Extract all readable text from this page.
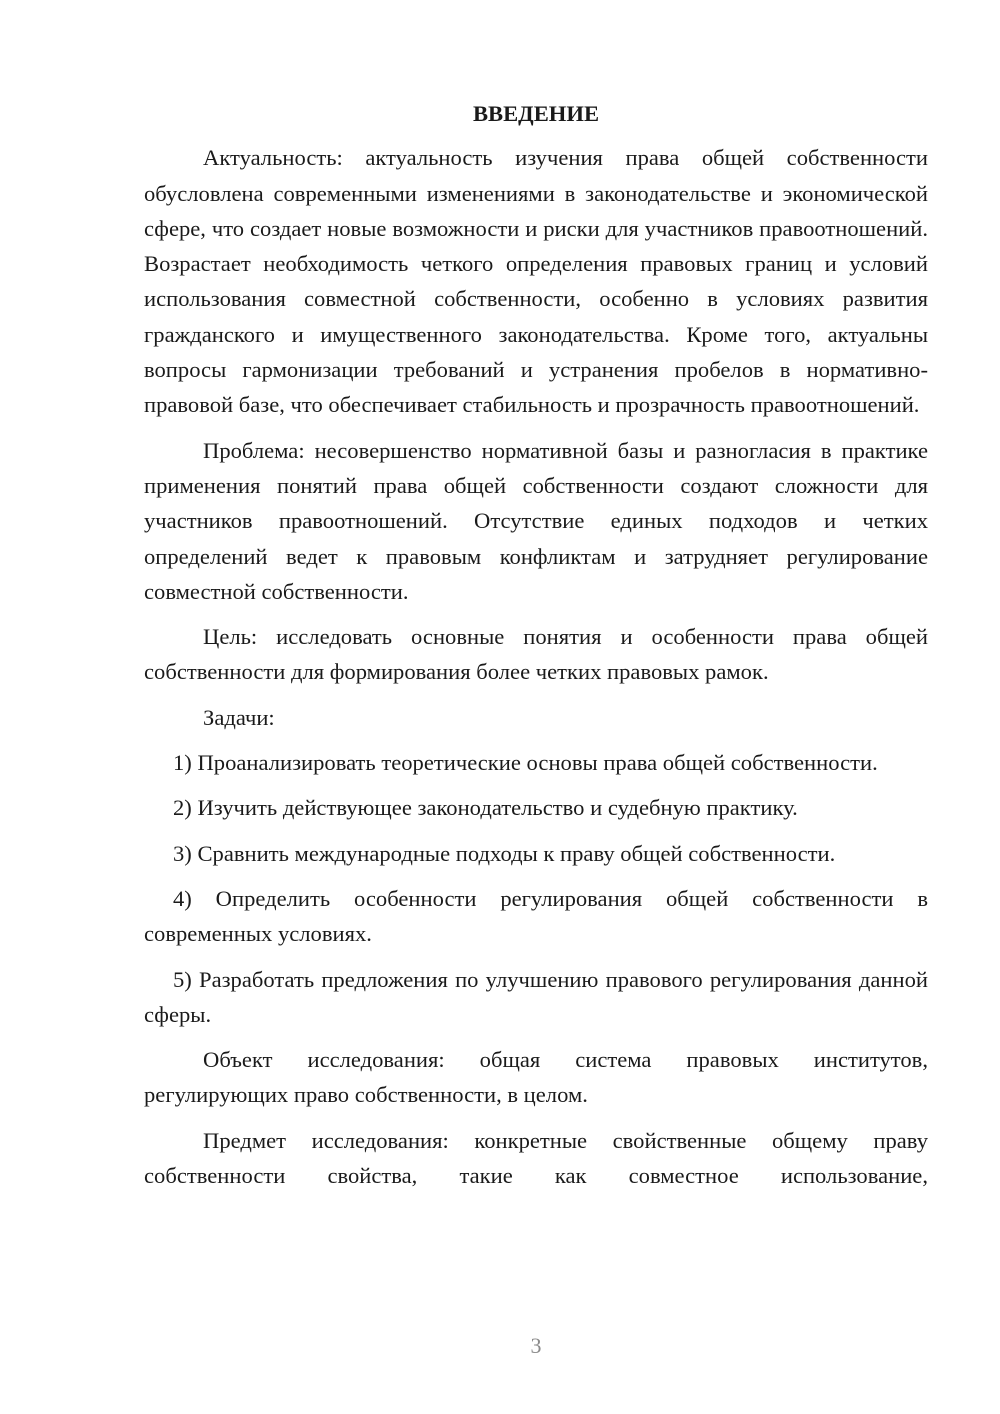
ВВЕДЕНИЕ

Актуальность: актуальность изучения права общей собственности обусловлена современными изменениями в законодательстве и экономической сфере, что создает новые возможности и риски для участников правоотношений. Возрастает необходимость четкого определения правовых границ и условий использования совместной собственности, особенно в условиях развития гражданского и имущественного законодательства. Кроме того, актуальны вопросы гармонизации требований и устранения пробелов в нормативно-правовой базе, что обеспечивает стабильность и прозрачность правоотношений.

Проблема: несовершенство нормативной базы и разногласия в практике применения понятий права общей собственности создают сложности для участников правоотношений. Отсутствие единых подходов и четких определений ведет к правовым конфликтам и затрудняет регулирование совместной собственности.

Цель: исследовать основные понятия и особенности права общей собственности для формирования более четких правовых рамок.

Задачи:

1) Проанализировать теоретические основы права общей собственности.

2) Изучить действующее законодательство и судебную практику.

3) Сравнить международные подходы к праву общей собственности.

4) Определить особенности регулирования общей собственности в современных условиях.

5) Разработать предложения по улучшению правового регулирования данной сферы.

Объект исследования: общая система правовых институтов, регулирующих право собственности, в целом.

Предмет исследования: конкретные свойственные общему праву собственности свойства, такие как совместное использование,

3
